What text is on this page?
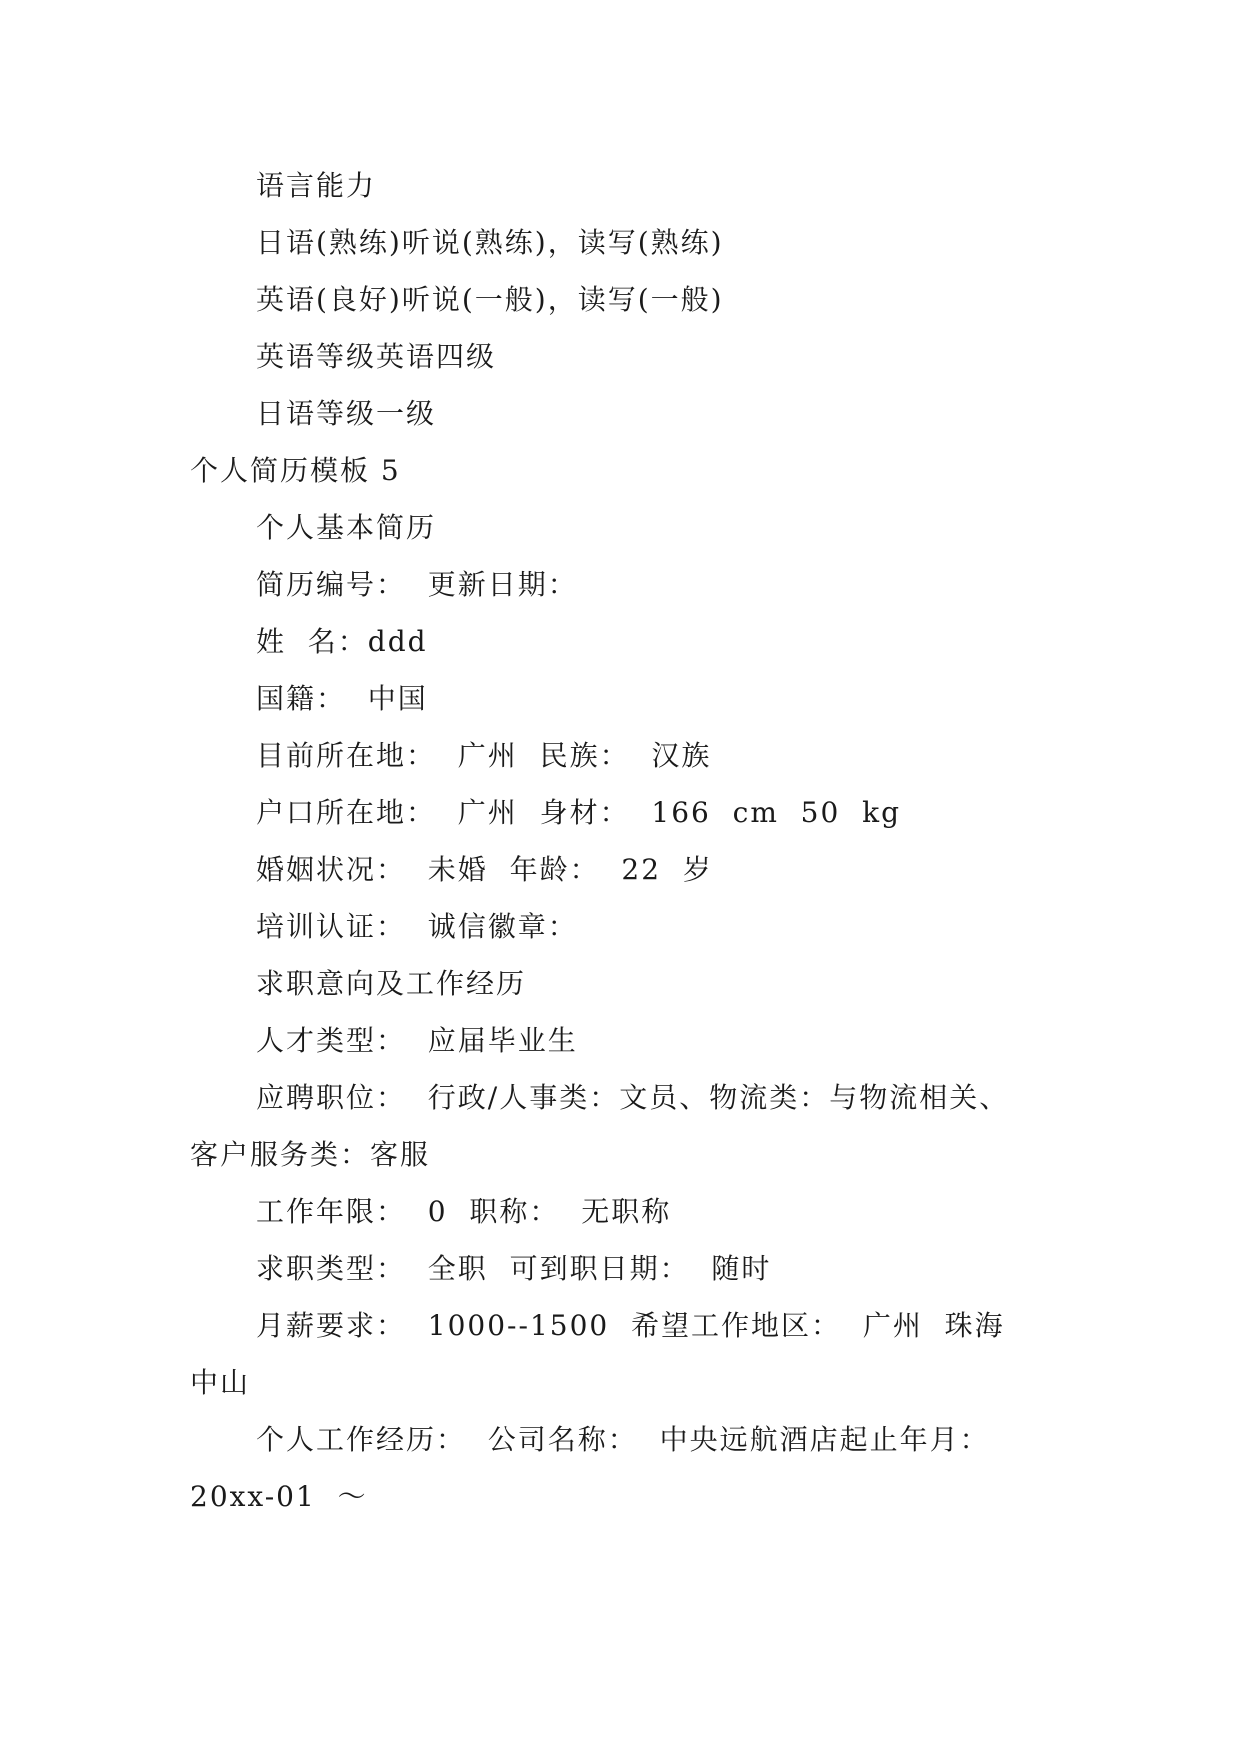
语言能力
日语(熟练)听说(熟练)，读写(熟练)
英语(良好)听说(一般)，读写(一般)
英语等级英语四级
日语等级一级
个人简历模板 5
个人基本简历
简历编号：  更新日期：
姓  名：ddd
国籍：  中国
目前所在地：  广州  民族：  汉族
户口所在地：  广州  身材：  166  cm  50  kg
婚姻状况：  未婚  年龄：  22  岁
培训认证：  诚信徽章：
求职意向及工作经历
人才类型：  应届毕业生
应聘职位：  行政/人事类：文员、物流类：与物流相关、
客户服务类：客服
工作年限：  0  职称：  无职称
求职类型：  全职  可到职日期：  随时
月薪要求：  1000--1500  希望工作地区：  广州  珠海
中山
个人工作经历：  公司名称：  中央远航酒店起止年月：
20xx-01  ～
